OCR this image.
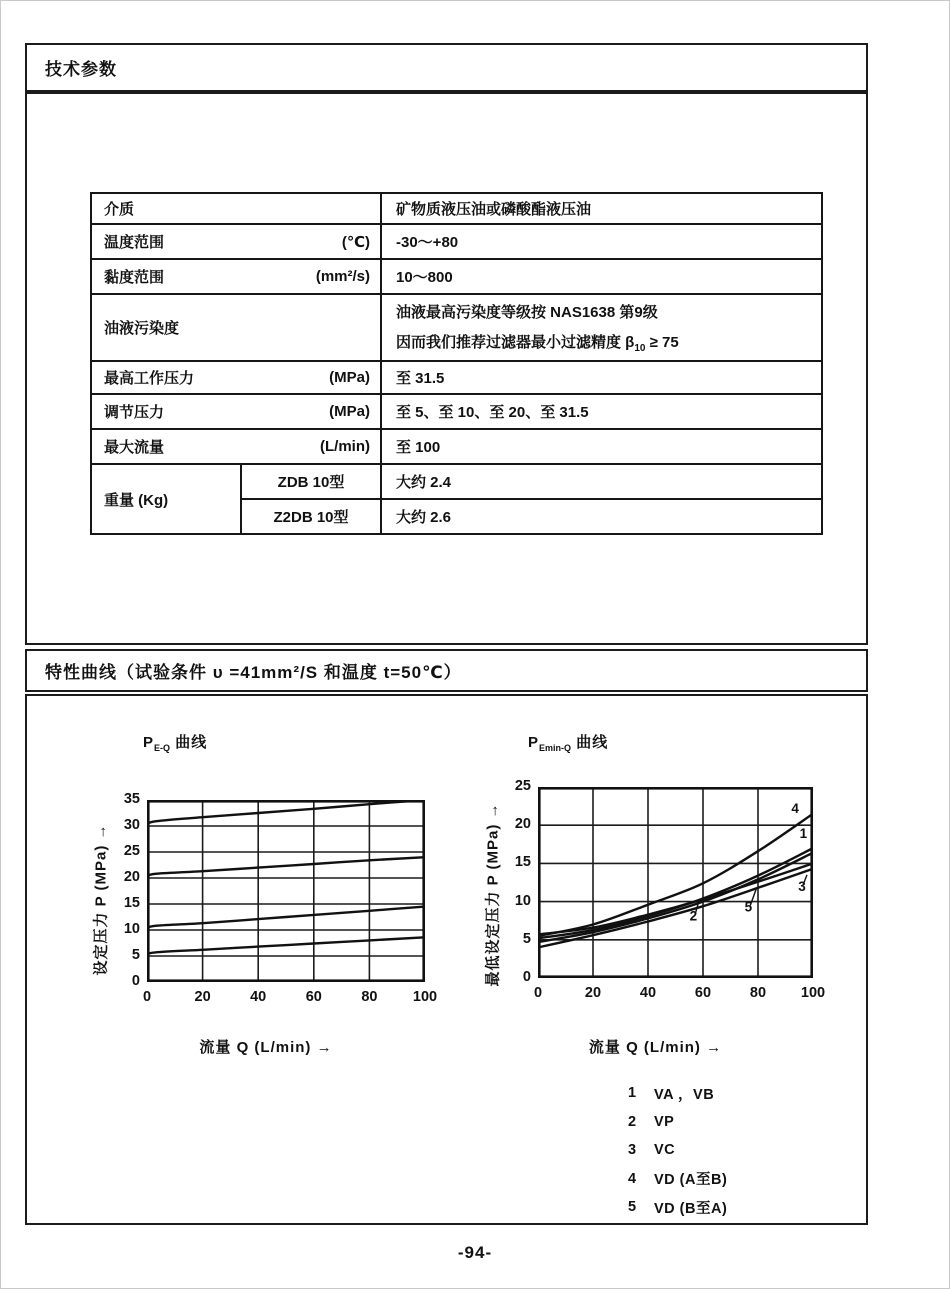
技术参数
介质	矿物质液压油或磷酸酯液压油
温度范围	(℃) -30～+80
黏度范围	(mm²/s) 10～800
油液污染度
油液最高污染度等级按 NAS1638 第9级
因而我们推荐过滤器最小过滤精度 $\beta_{10} \ge 75$
最高工作压力	(MPa) 至 31.5
调节压力	(MPa) 至 5、至 10、至 20、至 31.5
最大流量	(L/min) 至 100
重量 (Kg)
ZDB 10型	大约 2.4
Z2DB 10型	大约 2.6
特性曲线（试验条件 υ =41mm²/S 和温度 t=50℃）
$P_{E-Q}$ 曲线
设定压力 P (MPa) →
流量 Q (L/min) →
$P_{Emin-Q}$ 曲线
4
1
3
5
2
最低设定压力 P (MPa) →
流量 Q (L/min) →
1	VA ，VB
2	VP
3	VC
4	VD (A至B)
5	VD (B至A)
-94-
0	20	40	60	80	100
0
5
10
15
20
25
30
35
0	20	40	60	80	100
0
5
10
15
20
25
